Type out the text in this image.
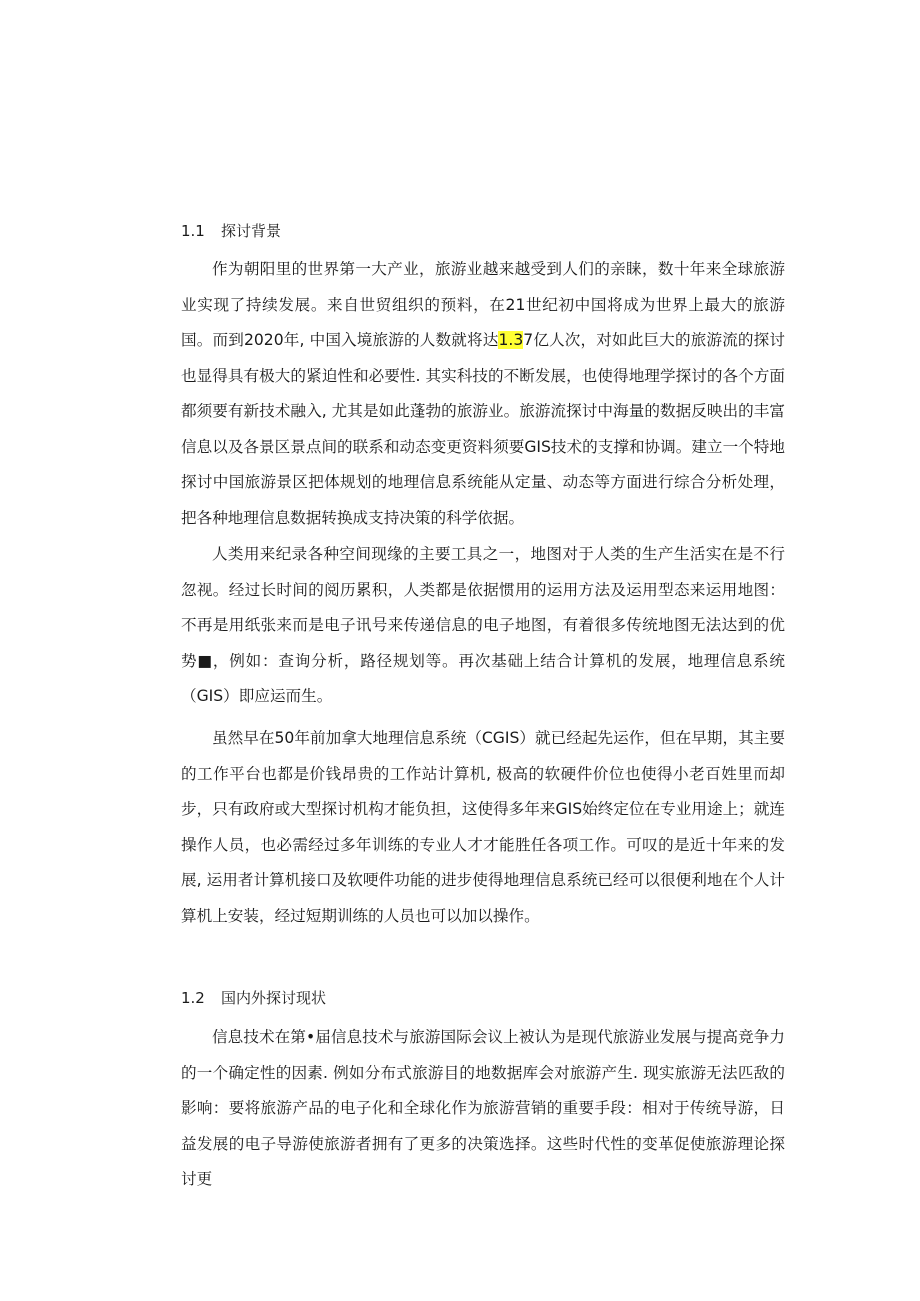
1.1 探讨背景

作为朝阳里的世界第一大产业，旅游业越来越受到人们的亲睐，数十年来全球旅游业实现了持续发展。来自世贸组织的预料，在21世纪初中国将成为世界上最大的旅游国。而到2020年, 中国入境旅游的人数就将达1.37亿人次，对如此巨大的旅游流的探讨也显得具有极大的紧迫性和必要性. 其实科技的不断发展，也使得地理学探讨的各个方面都须要有新技术融入, 尤其是如此蓬勃的旅游业。旅游流探讨中海量的数据反映出的丰富信息以及各景区景点间的联系和动态变更资料须要GIS技术的支撑和协调。建立一个特地探讨中国旅游景区把体规划的地理信息系统能从定量、动态等方面进行综合分析处理，把各种地理信息数据转换成支持决策的科学依据。

人类用来纪录各种空间现缘的主要工具之一，地图对于人类的生产生活实在是不行忽视。经过长时间的阅历累积，人类都是依据惯用的运用方法及运用型态来运用地图：不再是用纸张来而是电子讯号来传递信息的电子地图，有着很多传统地图无法达到的优势■，例如：查询分析，路径规划等。再次基础上结合计算机的发展，地理信息系统（GIS）即应运而生。

虽然早在50年前加拿大地理信息系统（CGIS）就已经起先运作，但在早期，其主要的工作平台也都是价钱昂贵的工作站计算机, 极高的软硬件价位也使得小老百姓里而却步，只有政府或大型探讨机构才能负担，这使得多年来GIS始终定位在专业用途上；就连操作人员，也必需经过多年训练的专业人才才能胜任各项工作。可叹的是近十年来的发展, 运用者计算机接口及软哽件功能的进步使得地理信息系统已经可以很便利地在个人计算机上安装，经过短期训练的人员也可以加以操作。

1.2 国内外探讨现状

信息技术在第•届信息技术与旅游国际会议上被认为是现代旅游业发展与提高竞争力的一个确定性的因素. 例如分布式旅游目的地数据库会对旅游产生. 现实旅游无法匹敌的影响：要将旅游产品的电子化和全球化作为旅游营销的重要手段：相对于传统导游，日益发展的电子导游使旅游者拥有了更多的决策选择。这些时代性的变革促使旅游理论探讨更
